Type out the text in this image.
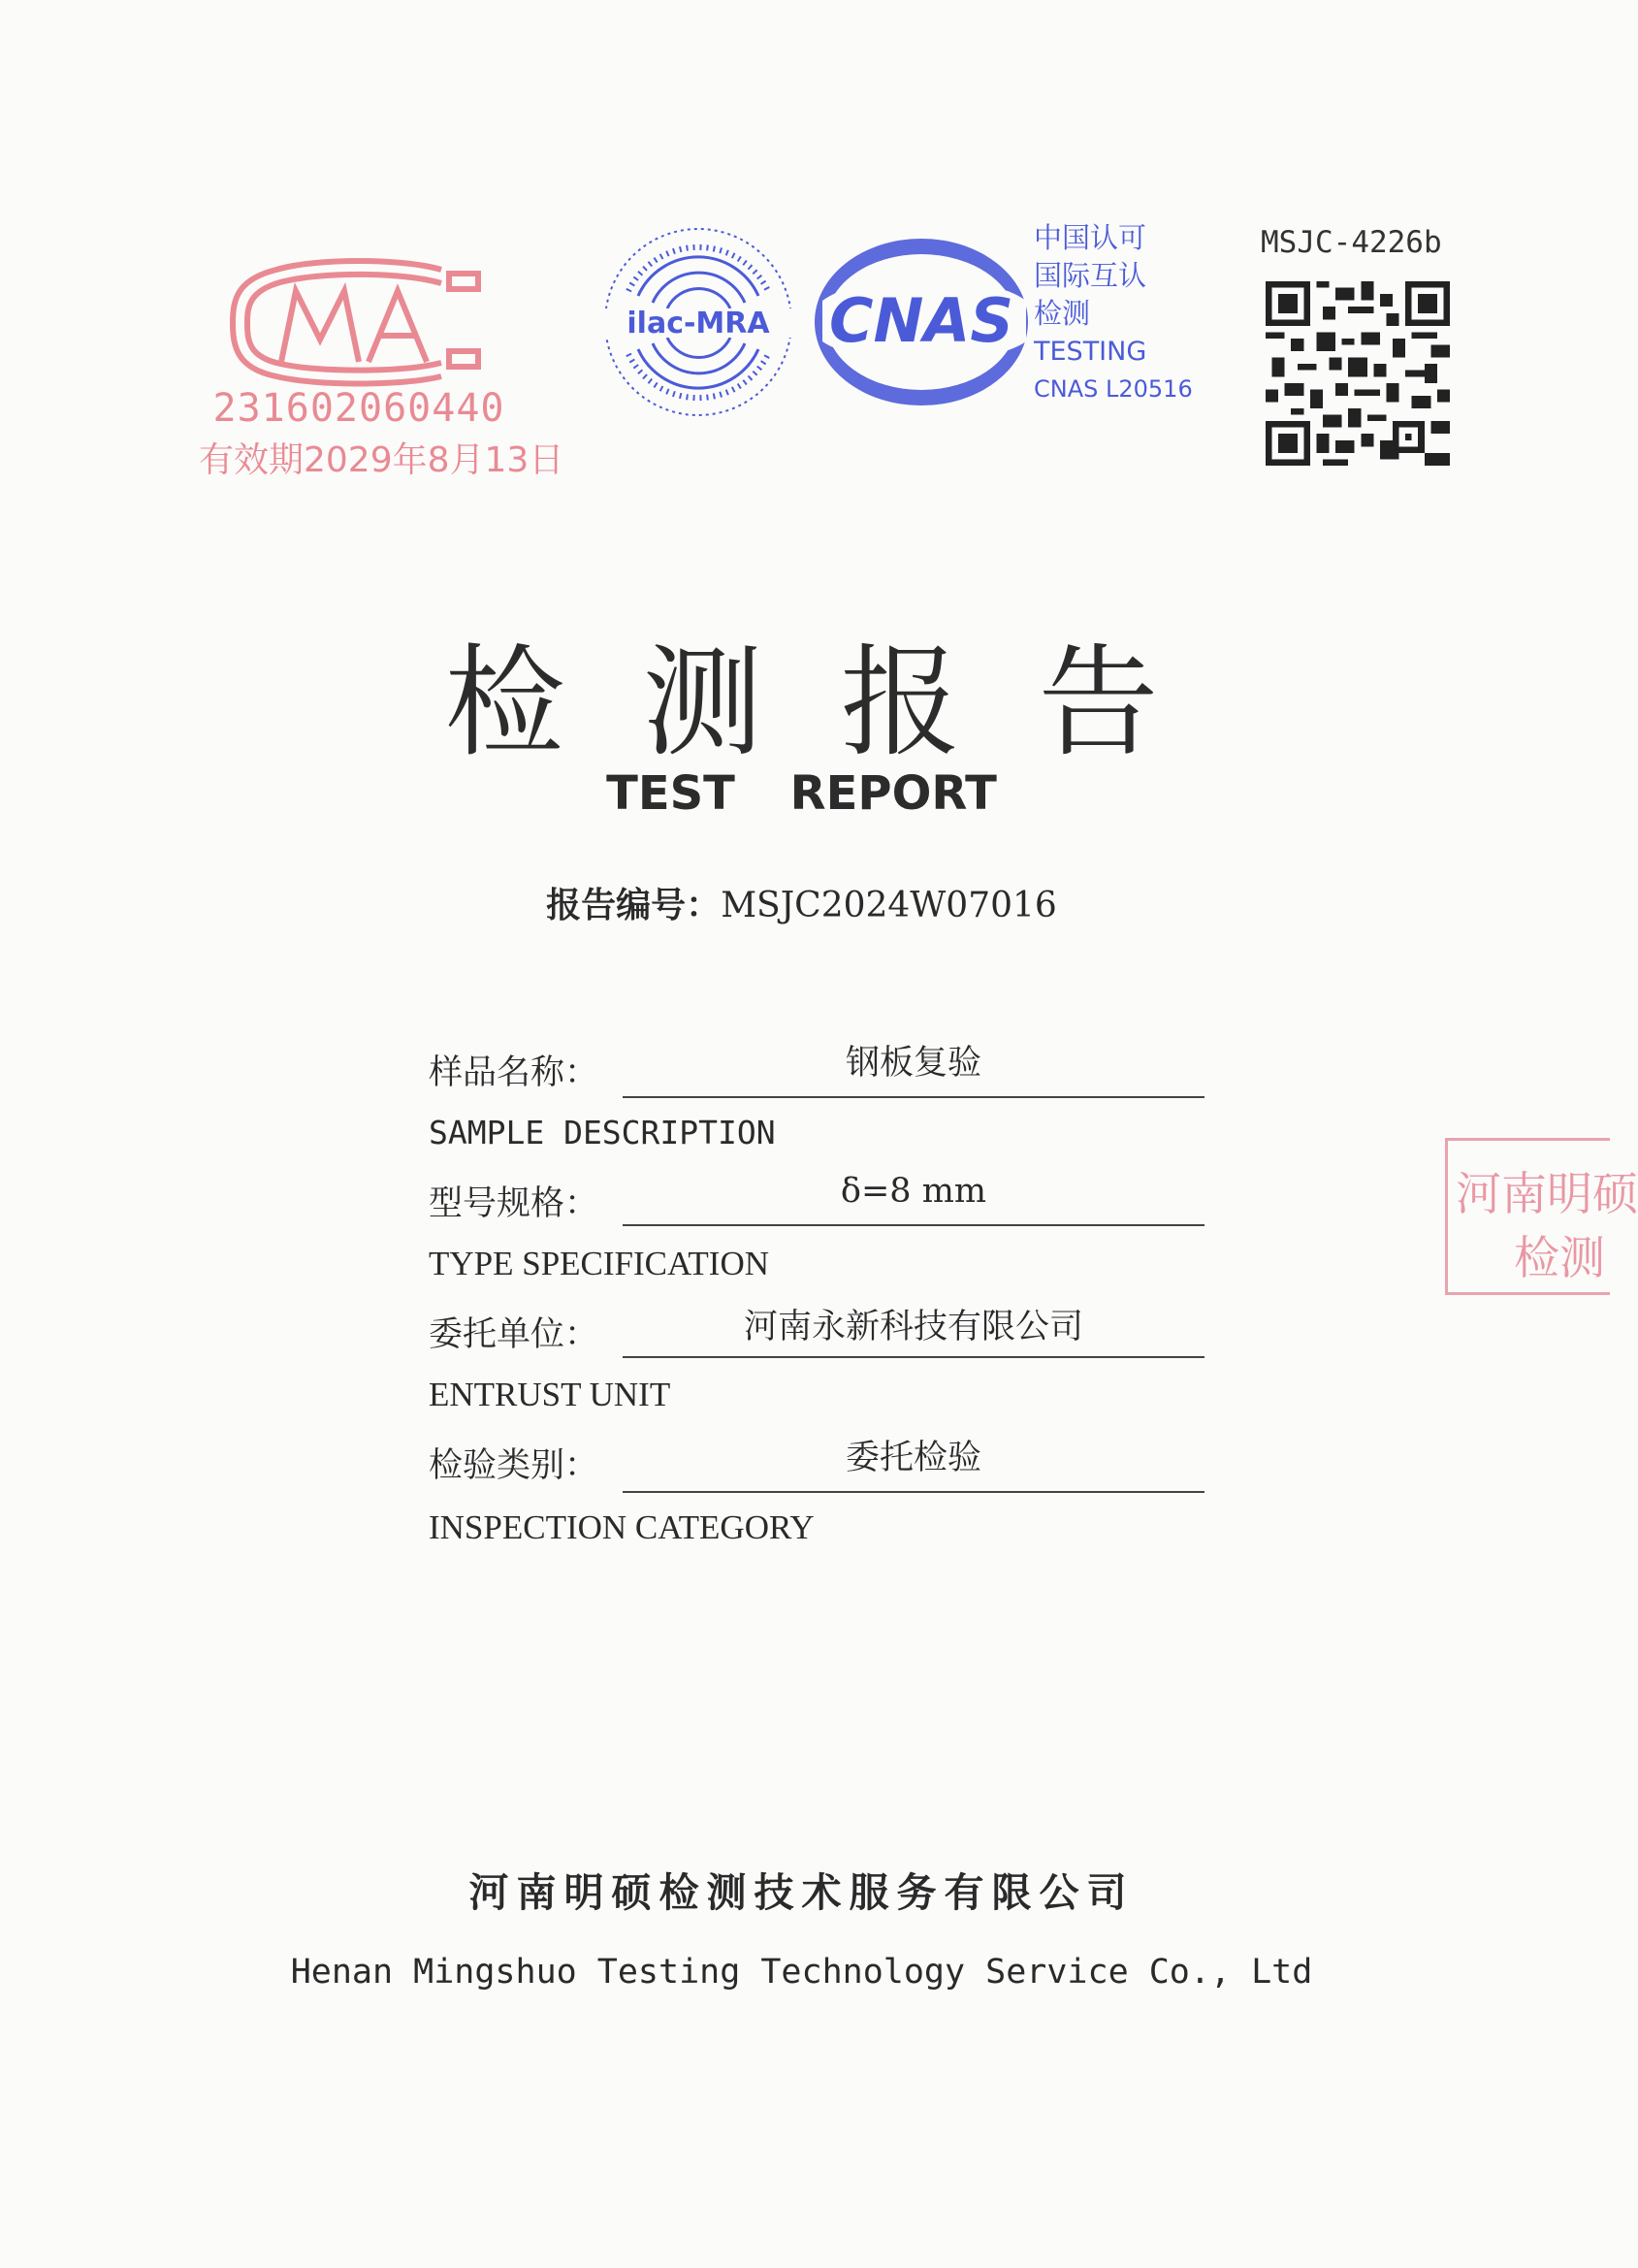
231602060440
有效期2029年8月13日
ilac-MRA CNAS
中国认可
国际互认
检测
TESTING
CNAS L20516
MSJC-4226b
检测报告
TEST REPORT
报告编号：MSJC2024W07016
样品名称：	钢板复验
SAMPLE DESCRIPTION
型号规格：	δ=8 mm
TYPE SPECIFICATION
委托单位：	河南永新科技有限公司
ENTRUST UNIT
检验类别：	委托检验
INSPECTION CATEGORY
河南明硕
检测
河南明硕检测技术服务有限公司
Henan Mingshuo Testing Technology Service Co., Ltd
